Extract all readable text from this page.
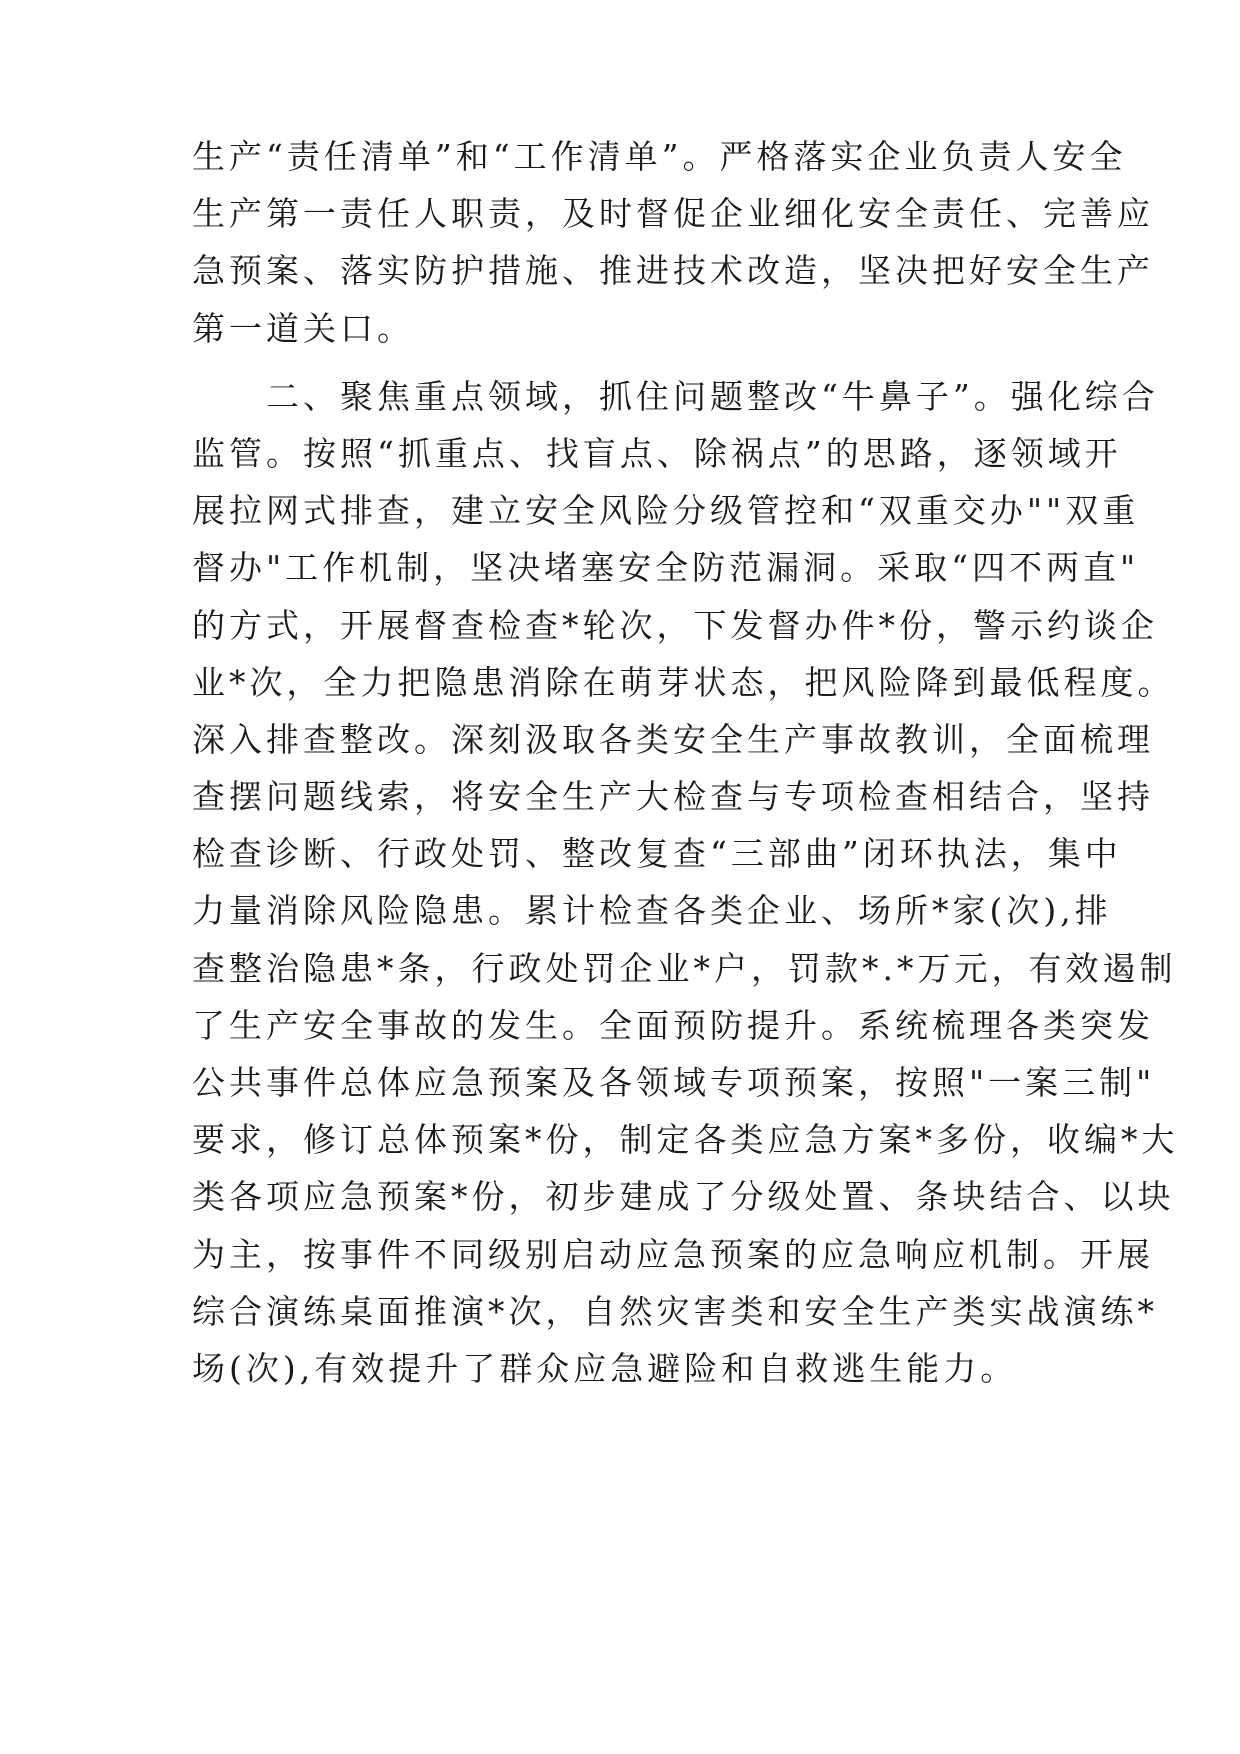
生产“责任清单”和“工作清单”。严格落实企业负责人安全
生产第一责任人职责，及时督促企业细化安全责任、完善应
急预案、落实防护措施、推进技术改造，坚决把好安全生产
第一道关口。
　　二、聚焦重点领域，抓住问题整改“牛鼻子”。强化综合
监管。按照“抓重点、找盲点、除祸点”的思路，逐领域开
展拉网式排查，建立安全风险分级管控和“双重交办""双重
督办"工作机制，坚决堵塞安全防范漏洞。采取“四不两直"
的方式，开展督查检查*轮次，下发督办件*份，警示约谈企
业*次，全力把隐患消除在萌芽状态，把风险降到最低程度。
深入排查整改。深刻汲取各类安全生产事故教训，全面梳理
查摆问题线索，将安全生产大检查与专项检查相结合，坚持
检查诊断、行政处罚、整改复查“三部曲”闭环执法，集中
力量消除风险隐患。累计检查各类企业、场所*家(次),排
查整治隐患*条，行政处罚企业*户，罚款*.*万元，有效遏制
了生产安全事故的发生。全面预防提升。系统梳理各类突发
公共事件总体应急预案及各领域专项预案，按照"一案三制"
要求，修订总体预案*份，制定各类应急方案*多份，收编*大
类各项应急预案*份，初步建成了分级处置、条块结合、以块
为主，按事件不同级别启动应急预案的应急响应机制。开展
综合演练桌面推演*次，自然灾害类和安全生产类实战演练*
场(次),有效提升了群众应急避险和自救逃生能力。
